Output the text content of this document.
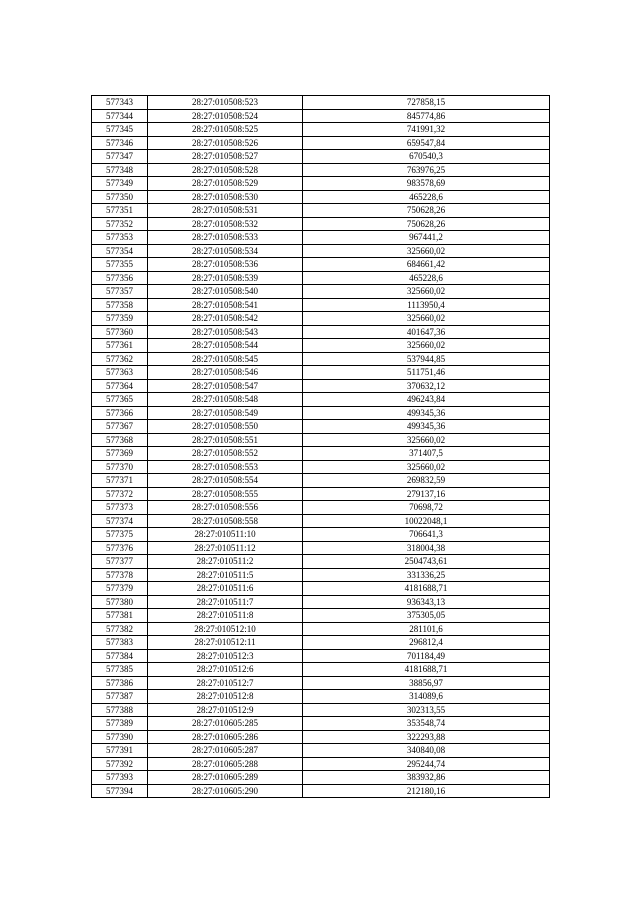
577343	28:27:010508:523	727858,15
577344	28:27:010508:524	845774,86
577345	28:27:010508:525	741991,32
577346	28:27:010508:526	659547,84
577347	28:27:010508:527	670540,3
577348	28:27:010508:528	763976,25
577349	28:27:010508:529	983578,69
577350	28:27:010508:530	465228,6
577351	28:27:010508:531	750628,26
577352	28:27:010508:532	750628,26
577353	28:27:010508:533	967441,2
577354	28:27:010508:534	325660,02
577355	28:27:010508:536	684661,42
577356	28:27:010508:539	465228,6
577357	28:27:010508:540	325660,02
577358	28:27:010508:541	1113950,4
577359	28:27:010508:542	325660,02
577360	28:27:010508:543	401647,36
577361	28:27:010508:544	325660,02
577362	28:27:010508:545	537944,85
577363	28:27:010508:546	511751,46
577364	28:27:010508:547	370632,12
577365	28:27:010508:548	496243,84
577366	28:27:010508:549	499345,36
577367	28:27:010508:550	499345,36
577368	28:27:010508:551	325660,02
577369	28:27:010508:552	371407,5
577370	28:27:010508:553	325660,02
577371	28:27:010508:554	269832,59
577372	28:27:010508:555	279137,16
577373	28:27:010508:556	70698,72
577374	28:27:010508:558	10022048,1
577375	28:27:010511:10	706641,3
577376	28:27:010511:12	318004,38
577377	28:27:010511:2	2504743,61
577378	28:27:010511:5	331336,25
577379	28:27:010511:6	4181688,71
577380	28:27:010511:7	936343,13
577381	28:27:010511:8	375305,05
577382	28:27:010512:10	281101,6
577383	28:27:010512:11	296812,4
577384	28:27:010512:3	701184,49
577385	28:27:010512:6	4181688,71
577386	28:27:010512:7	38856,97
577387	28:27:010512:8	314089,6
577388	28:27:010512:9	302313,55
577389	28:27:010605:285	353548,74
577390	28:27:010605:286	322293,88
577391	28:27:010605:287	340840,08
577392	28:27:010605:288	295244,74
577393	28:27:010605:289	383932,86
577394	28:27:010605:290	212180,16
